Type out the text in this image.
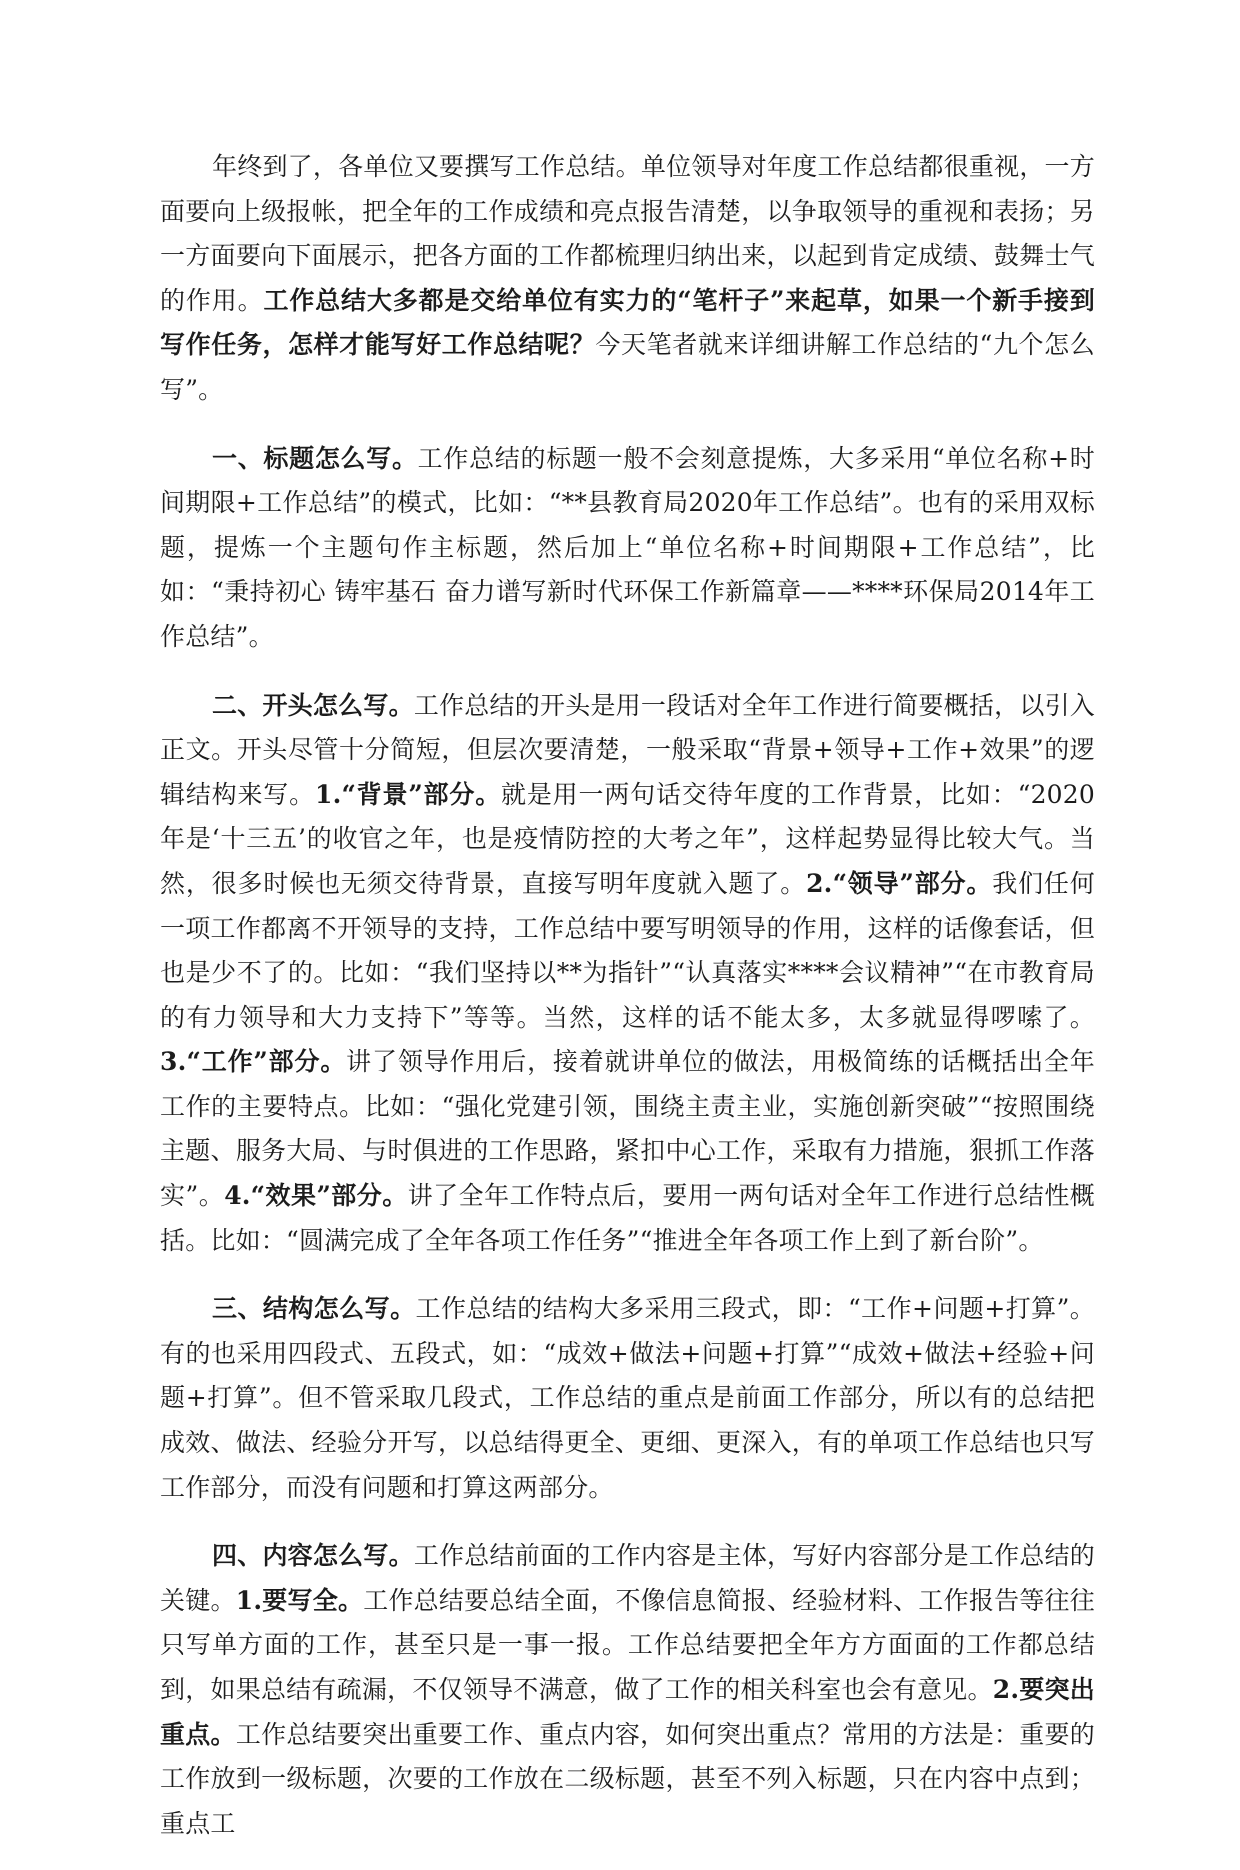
年终到了，各单位又要撰写工作总结。单位领导对年度工作总结都很重视，一方面要向上级报帐，把全年的工作成绩和亮点报告清楚，以争取领导的重视和表扬；另一方面要向下面展示，把各方面的工作都梳理归纳出来，以起到肯定成绩、鼓舞士气的作用。工作总结大多都是交给单位有实力的“笔杆子”来起草，如果一个新手接到写作任务，怎样才能写好工作总结呢？今天笔者就来详细讲解工作总结的“九个怎么写”。

一、标题怎么写。工作总结的标题一般不会刻意提炼，大多采用“单位名称+时间期限+工作总结”的模式，比如：“**县教育局2020年工作总结”。也有的采用双标题，提炼一个主题句作主标题，然后加上“单位名称+时间期限+工作总结”，比如：“秉持初心 铸牢基石 奋力谱写新时代环保工作新篇章——****环保局2014年工作总结”。

二、开头怎么写。工作总结的开头是用一段话对全年工作进行简要概括，以引入正文。开头尽管十分简短，但层次要清楚，一般采取“背景+领导+工作+效果”的逻辑结构来写。1.“背景”部分。就是用一两句话交待年度的工作背景，比如：“2020年是‘十三五’的收官之年，也是疫情防控的大考之年”，这样起势显得比较大气。当然，很多时候也无须交待背景，直接写明年度就入题了。2.“领导”部分。我们任何一项工作都离不开领导的支持，工作总结中要写明领导的作用，这样的话像套话，但也是少不了的。比如：“我们坚持以**为指针”“认真落实****会议精神”“在市教育局的有力领导和大力支持下”等等。当然，这样的话不能太多，太多就显得啰嗦了。3.“工作”部分。讲了领导作用后，接着就讲单位的做法，用极简练的话概括出全年工作的主要特点。比如：“强化党建引领，围绕主责主业，实施创新突破”“按照围绕主题、服务大局、与时俱进的工作思路，紧扣中心工作，采取有力措施，狠抓工作落实”。4.“效果”部分。讲了全年工作特点后，要用一两句话对全年工作进行总结性概括。比如：“圆满完成了全年各项工作任务”“推进全年各项工作上到了新台阶”。

三、结构怎么写。工作总结的结构大多采用三段式，即：“工作+问题+打算”。有的也采用四段式、五段式，如：“成效+做法+问题+打算”“成效+做法+经验+问题+打算”。但不管采取几段式，工作总结的重点是前面工作部分，所以有的总结把成效、做法、经验分开写，以总结得更全、更细、更深入，有的单项工作总结也只写工作部分，而没有问题和打算这两部分。

四、内容怎么写。工作总结前面的工作内容是主体，写好内容部分是工作总结的关键。1.要写全。工作总结要总结全面，不像信息简报、经验材料、工作报告等往往只写单方面的工作，甚至只是一事一报。工作总结要把全年方方面面的工作都总结到，如果总结有疏漏，不仅领导不满意，做了工作的相关科室也会有意见。2.要突出重点。工作总结要突出重要工作、重点内容，如何突出重点？常用的方法是：重要的工作放到一级标题，次要的工作放在二级标题，甚至不列入标题，只在内容中点到；重点工
